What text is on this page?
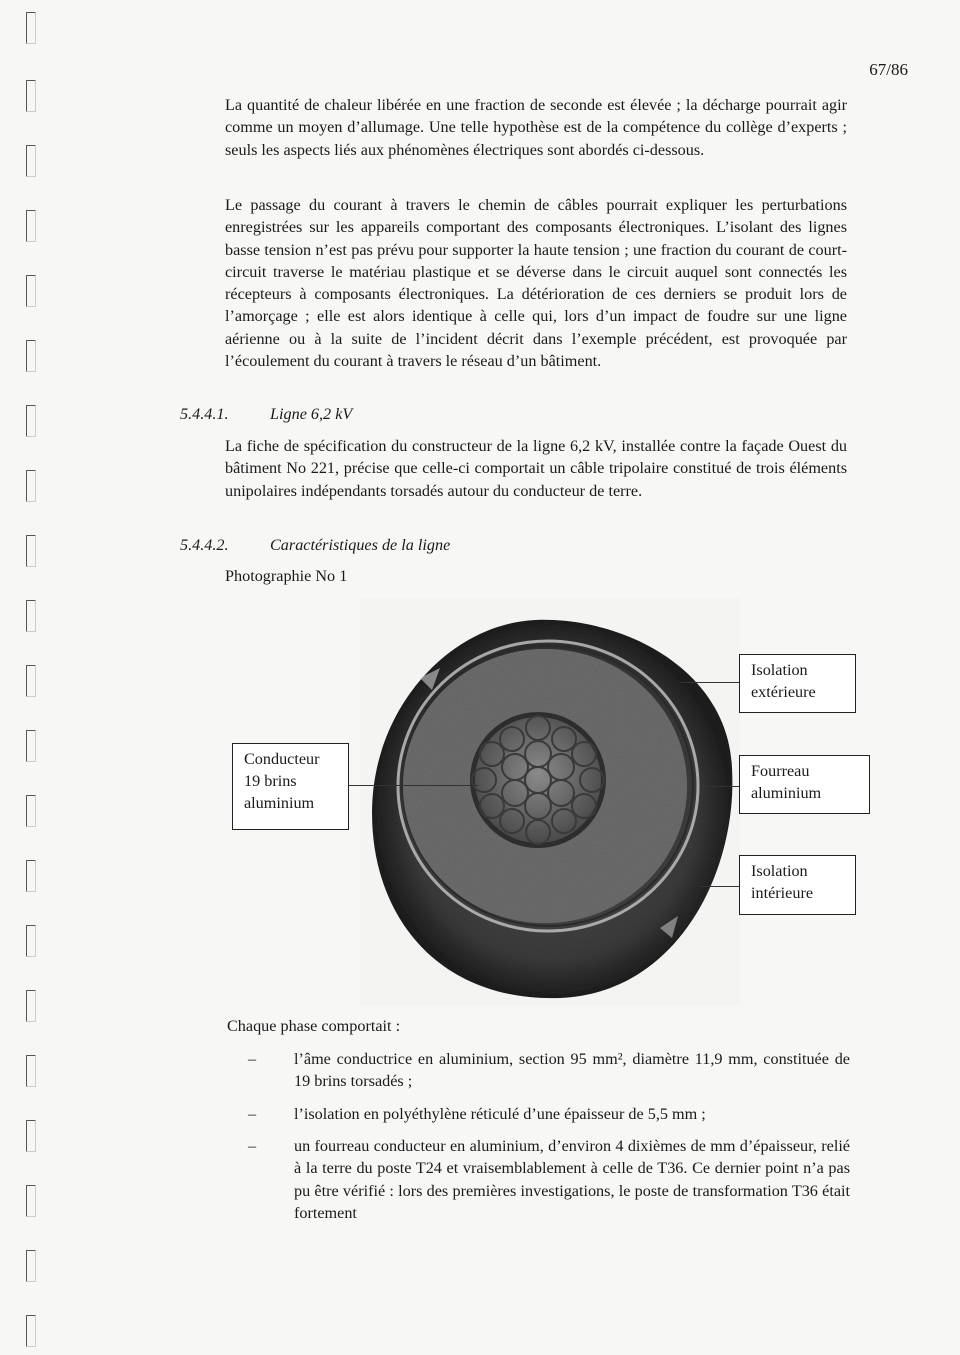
67/86

La quantité de chaleur libérée en une fraction de seconde est élevée ; la décharge pourrait agir comme un moyen d’allumage. Une telle hypothèse est de la compétence du collège d’experts ; seuls les aspects liés aux phénomènes électriques sont abordés ci-dessous.

Le passage du courant à travers le chemin de câbles pourrait expliquer les perturbations enregistrées sur les appareils comportant des composants électroniques. L’isolant des lignes basse tension n’est pas prévu pour supporter la haute tension ; une fraction du courant de court-circuit traverse le matériau plastique et se déverse dans le circuit auquel sont connectés les récepteurs à composants électroniques. La détérioration de ces derniers se produit lors de l’amorçage ; elle est alors identique à celle qui, lors d’un impact de foudre sur une ligne aérienne ou à la suite de l’incident décrit dans l’exemple précédent, est provoquée par l’écoulement du courant à travers le réseau d’un bâtiment.

5.4.4.1.	Ligne 6,2 kV

La fiche de spécification du constructeur de la ligne 6,2 kV, installée contre la façade Ouest du bâtiment No 221, précise que celle-ci comportait un câble tripolaire constitué de trois éléments unipolaires indépendants torsadés autour du conducteur de terre.

5.4.4.2.	Caractéristiques de la ligne
Photographie No 1
Isolation
extérieure
Conducteur
19 brins
aluminium
Fourreau
aluminium
Isolation
intérieure
Chaque phase comportait :
– l’âme conductrice en aluminium, section 95 mm², diamètre 11,9 mm, constituée de 19 brins torsadés ;
– l’isolation en polyéthylène réticulé d’une épaisseur de 5,5 mm ;
– un fourreau conducteur en aluminium, d’environ 4 dixièmes de mm d’épaisseur, relié à la terre du poste T24 et vraisemblablement à celle de T36. Ce dernier point n’a pas pu être vérifié : lors des premières investigations, le poste de transformation T36 était fortement
